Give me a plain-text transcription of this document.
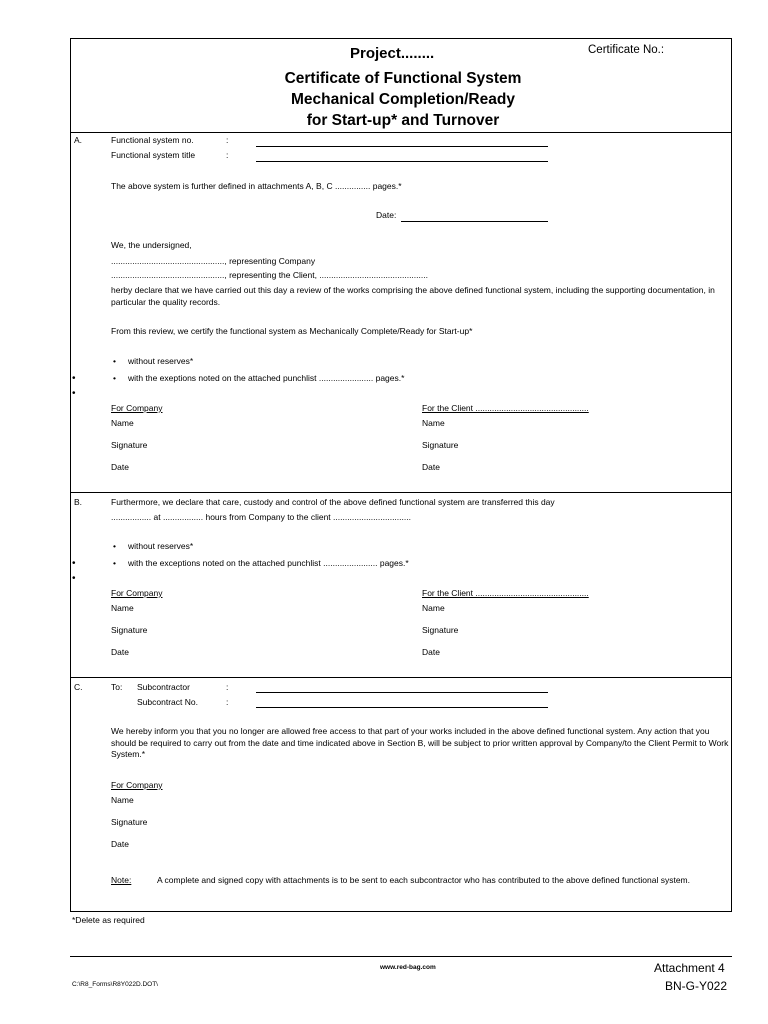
Project........	Certificate No.:
Certificate of Functional System
Mechanical Completion/Ready
for Start-up* and Turnover
A.	Functional system no.	:
Functional system title	:
The above system is further defined in attachments A, B, C ............... pages.*
Date:
We, the undersigned,
................................................, representing Company
................................................, representing the Client, ..............................................
herby declare that we have carried out this day a review of the works comprising the above defined functional system, including the supporting documentation, in particular the quality records.
From this review, we certify the functional system as Mechanically Complete/Ready for Start-up*
• without reserves*
• with the exeptions noted on the attached punchlist ....................... pages.*
•
•
For Company	For the Client ................................................
Name	Name
Signature	Signature
Date	Date
B.	Furthermore, we declare that care, custody and control of the above defined functional system are transferred this day
................. at ................. hours from Company to the client .................................
• without reserves*
• with the exceptions noted on the attached punchlist ....................... pages.*
•
•
For Company	For the Client ................................................
Name	Name
Signature	Signature
Date	Date
C.	To: Subcontractor	:
Subcontract No.	:
We hereby inform you that you no longer are allowed free access to that part of your works included in the above defined functional system. Any action that you should be required to carry out from the date and time indicated above in Section B, will be subject to prior written approval by Company/to the Client Permit to Work System.*
For Company
Name
Signature
Date
Note:	A complete and signed copy with attachments is to be sent to each subcontractor who has contributed to the above defined functional system.
*Delete as required
www.red-bag.com	Attachment 4
BN-G-Y022
C:\R8_Forms\R8Y022D.DOT\
